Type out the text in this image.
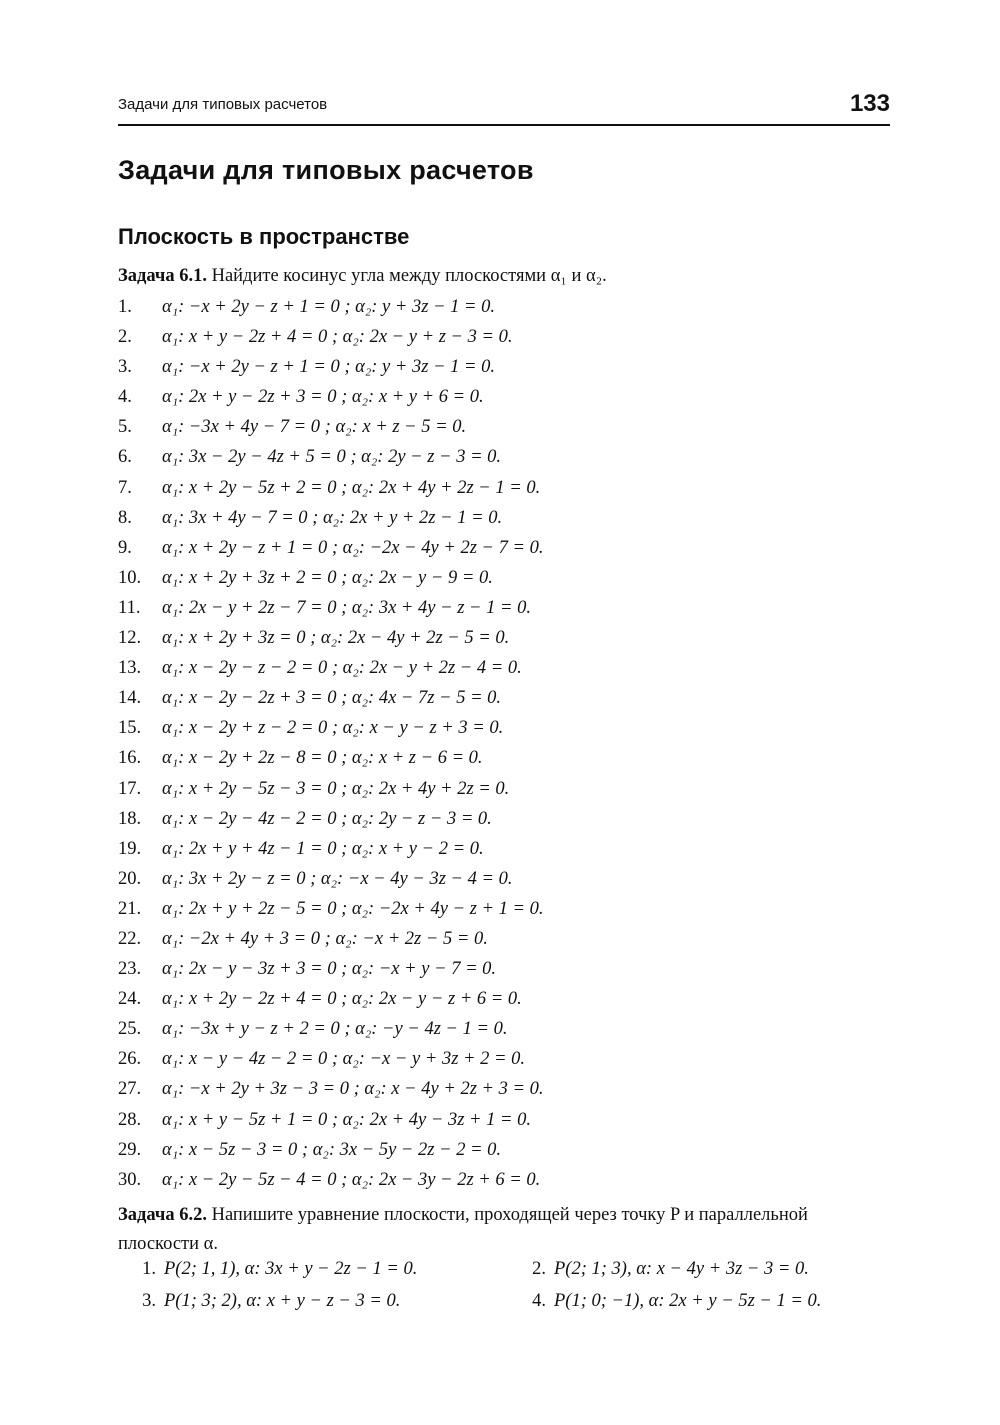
Задачи для типовых расчетов	133
Задачи для типовых расчетов
Плоскость в пространстве
Задача 6.1. Найдите косинус угла между плоскостями α₁ и α₂.
1. α₁: −x + 2y − z + 1 = 0 ; α₂: y + 3z − 1 = 0.
2. α₁: x + y − 2z + 4 = 0 ; α₂: 2x − y + z − 3 = 0.
3. α₁: −x + 2y − z + 1 = 0 ; α₂: y + 3z − 1 = 0.
4. α₁: 2x + y − 2z + 3 = 0 ; α₂: x + y + 6 = 0.
5. α₁: −3x + 4y − 7 = 0 ; α₂: x + z − 5 = 0.
6. α₁: 3x − 2y − 4z + 5 = 0 ; α₂: 2y − z − 3 = 0.
7. α₁: x + 2y − 5z + 2 = 0 ; α₂: 2x + 4y + 2z − 1 = 0.
8. α₁: 3x + 4y − 7 = 0 ; α₂: 2x + y + 2z − 1 = 0.
9. α₁: x + 2y − z + 1 = 0 ; α₂: −2x − 4y + 2z − 7 = 0.
10. α₁: x + 2y + 3z + 2 = 0 ; α₂: 2x − y − 9 = 0.
11. α₁: 2x − y + 2z − 7 = 0 ; α₂: 3x + 4y − z − 1 = 0.
12. α₁: x + 2y + 3z = 0 ; α₂: 2x − 4y + 2z − 5 = 0.
13. α₁: x − 2y − z − 2 = 0 ; α₂: 2x − y + 2z − 4 = 0.
14. α₁: x − 2y − 2z + 3 = 0 ; α₂: 4x − 7z − 5 = 0.
15. α₁: x − 2y + z − 2 = 0 ; α₂: x − y − z + 3 = 0.
16. α₁: x − 2y + 2z − 8 = 0 ; α₂: x + z − 6 = 0.
17. α₁: x + 2y − 5z − 3 = 0 ; α₂: 2x + 4y + 2z = 0.
18. α₁: x − 2y − 4z − 2 = 0 ; α₂: 2y − z − 3 = 0.
19. α₁: 2x + y + 4z − 1 = 0 ; α₂: x + y − 2 = 0.
20. α₁: 3x + 2y − z = 0 ; α₂: −x − 4y − 3z − 4 = 0.
21. α₁: 2x + y + 2z − 5 = 0 ; α₂: −2x + 4y − z + 1 = 0.
22. α₁: −2x + 4y + 3 = 0 ; α₂: −x + 2z − 5 = 0.
23. α₁: 2x − y − 3z + 3 = 0 ; α₂: −x + y − 7 = 0.
24. α₁: x + 2y − 2z + 4 = 0 ; α₂: 2x − y − z + 6 = 0.
25. α₁: −3x + y − z + 2 = 0 ; α₂: −y − 4z − 1 = 0.
26. α₁: x − y − 4z − 2 = 0 ; α₂: −x − y + 3z + 2 = 0.
27. α₁: −x + 2y + 3z − 3 = 0 ; α₂: x − 4y + 2z + 3 = 0.
28. α₁: x + y − 5z + 1 = 0 ; α₂: 2x + 4y − 3z + 1 = 0.
29. α₁: x − 5z − 3 = 0 ; α₂: 3x − 5y − 2z − 2 = 0.
30. α₁: x − 2y − 5z − 4 = 0 ; α₂: 2x − 3y − 2z + 6 = 0.
Задача 6.2. Напишите уравнение плоскости, проходящей через точку P и параллельной плоскости α.
1. P(2; 1, 1), α: 3x + y − 2z − 1 = 0.	2. P(2; 1; 3), α: x − 4y + 3z − 3 = 0.
3. P(1; 3; 2), α: x + y − z − 3 = 0.	4. P(1; 0; −1), α: 2x + y − 5z − 1 = 0.
